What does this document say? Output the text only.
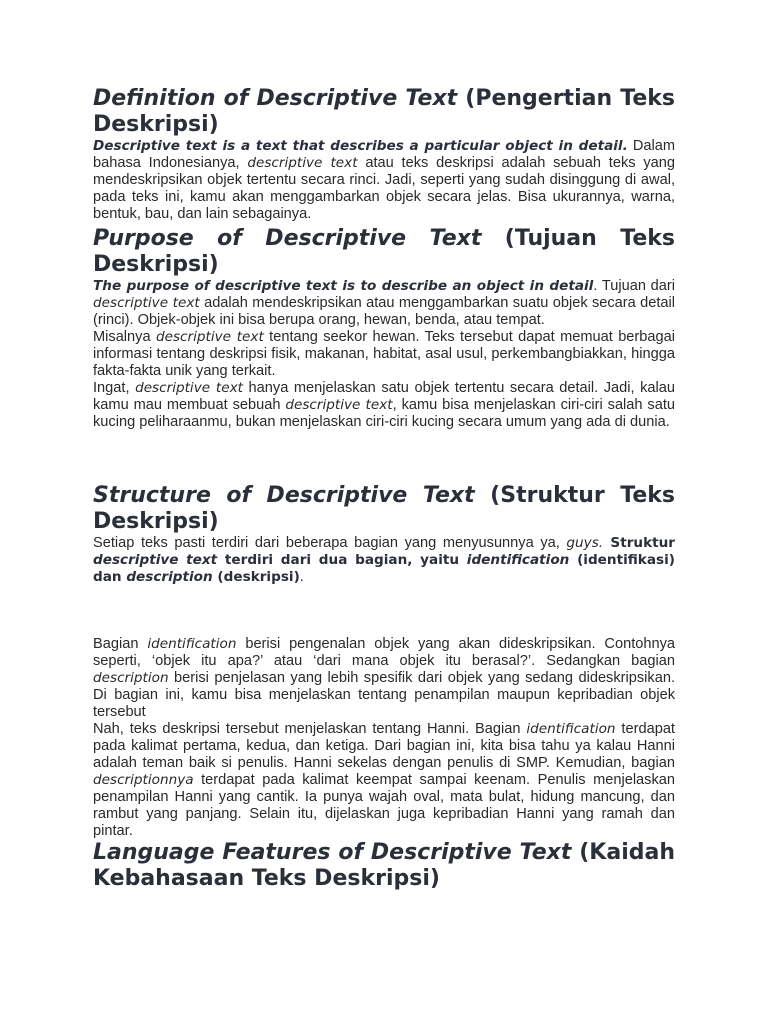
Definition of Descriptive Text (Pengertian Teks Deskripsi)

Descriptive text is a text that describes a particular object in detail. Dalam bahasa Indonesianya, descriptive text atau teks deskripsi adalah sebuah teks yang mendeskripsikan objek tertentu secara rinci. Jadi, seperti yang sudah disinggung di awal, pada teks ini, kamu akan menggambarkan objek secara jelas. Bisa ukurannya, warna, bentuk, bau, dan lain sebagainya.

Purpose of Descriptive Text (Tujuan Teks Deskripsi)

The purpose of descriptive text is to describe an object in detail. Tujuan dari descriptive text adalah mendeskripsikan atau menggambarkan suatu objek secara detail (rinci). Objek-objek ini bisa berupa orang, hewan, benda, atau tempat.

Misalnya descriptive text tentang seekor hewan. Teks tersebut dapat memuat berbagai informasi tentang deskripsi fisik, makanan, habitat, asal usul, perkembangbiakkan, hingga fakta-fakta unik yang terkait.

Ingat, descriptive text hanya menjelaskan satu objek tertentu secara detail. Jadi, kalau kamu mau membuat sebuah descriptive text, kamu bisa menjelaskan ciri-ciri salah satu kucing peliharaanmu, bukan menjelaskan ciri-ciri kucing secara umum yang ada di dunia.

Structure of Descriptive Text (Struktur Teks Deskripsi)

Setiap teks pasti terdiri dari beberapa bagian yang menyusunnya ya, guys. Struktur descriptive text terdiri dari dua bagian, yaitu identification (identifikasi) dan description (deskripsi).

Bagian identification berisi pengenalan objek yang akan dideskripsikan. Contohnya seperti, ‘objek itu apa?’ atau ‘dari mana objek itu berasal?’. Sedangkan bagian description berisi penjelasan yang lebih spesifik dari objek yang sedang dideskripsikan. Di bagian ini, kamu bisa menjelaskan tentang penampilan maupun kepribadian objek tersebut

Nah, teks deskripsi tersebut menjelaskan tentang Hanni. Bagian identification terdapat pada kalimat pertama, kedua, dan ketiga. Dari bagian ini, kita bisa tahu ya kalau Hanni adalah teman baik si penulis. Hanni sekelas dengan penulis di SMP. Kemudian, bagian descriptionnya terdapat pada kalimat keempat sampai keenam. Penulis menjelaskan penampilan Hanni yang cantik. Ia punya wajah oval, mata bulat, hidung mancung, dan rambut yang panjang. Selain itu, dijelaskan juga kepribadian Hanni yang ramah dan pintar.

Language Features of Descriptive Text (Kaidah Kebahasaan Teks Deskripsi)
